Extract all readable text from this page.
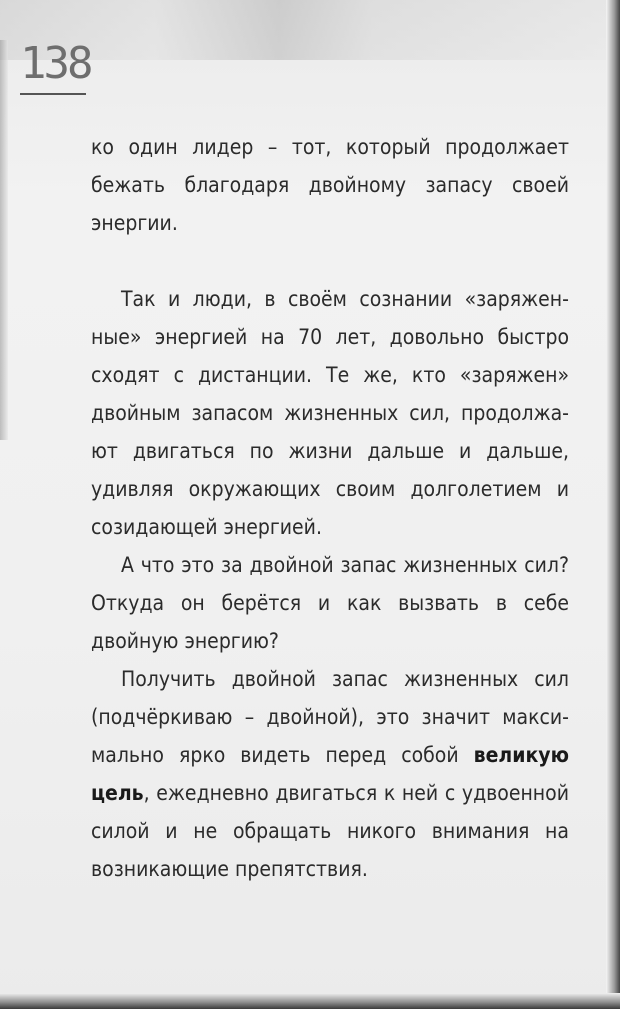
138

ко один лидер – тот, который продолжает бежать благодаря двойному запасу своей энергии.

Так и люди, в своём сознании «заряженные» энергией на 70 лет, довольно быстро сходят с дистанции. Те же, кто «заряжен» двойным запасом жизненных сил, продолжают двигаться по жизни дальше и дальше, удивляя окружающих своим долголетием и созидающей энергией.

А что это за двойной запас жизненных сил? Откуда он берётся и как вызвать в себе двойную энергию?

Получить двойной запас жизненных сил (подчёркиваю – двойной), это значит максимально ярко видеть перед собой великую цель, ежедневно двигаться к ней с удвоенной силой и не обращать никого внимания на возникающие препятствия.
